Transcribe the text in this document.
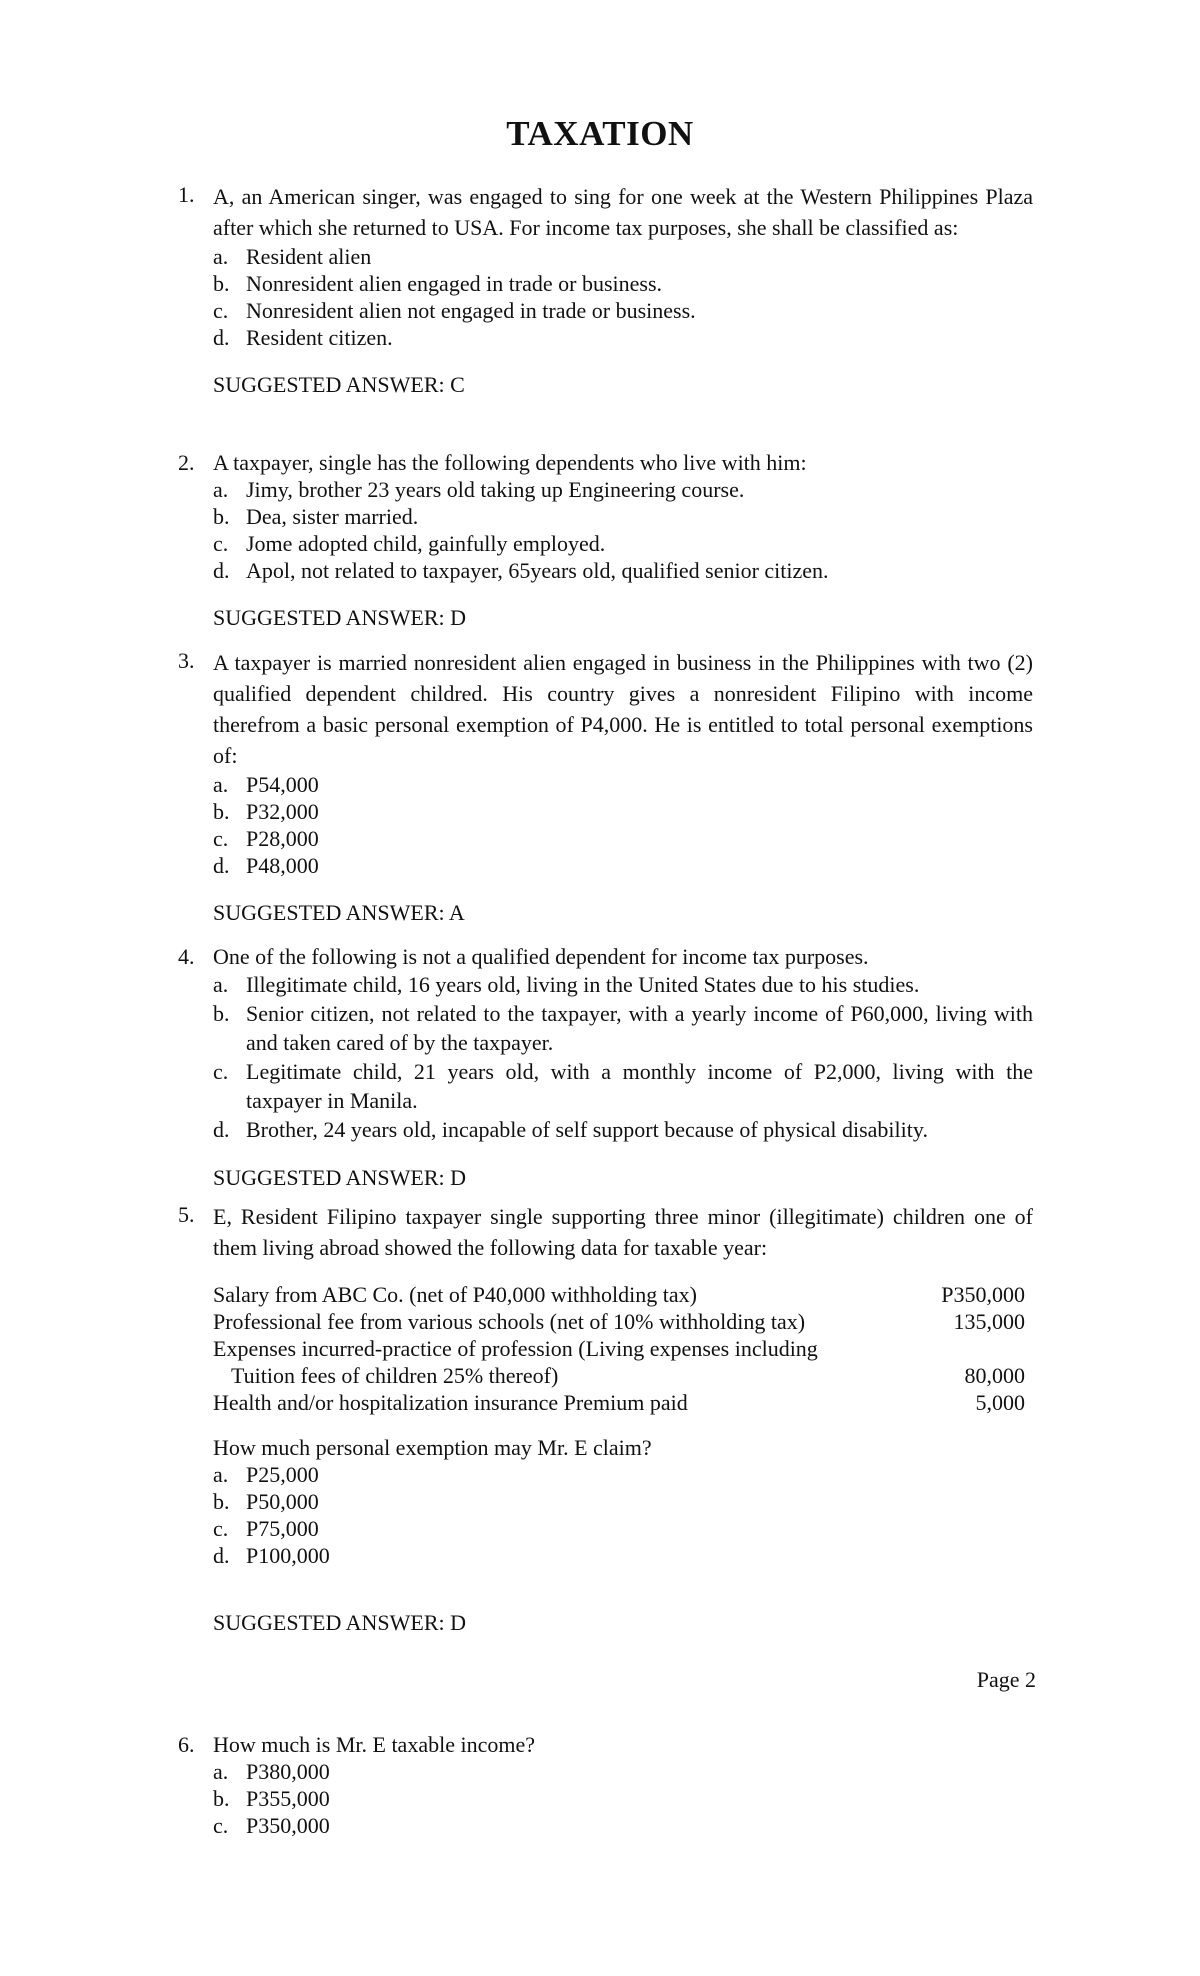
TAXATION
1. A, an American singer, was engaged to sing for one week at the Western Philippines Plaza after which she returned to USA. For income tax purposes, she shall be classified as:
a. Resident alien
b. Nonresident alien engaged in trade or business.
c. Nonresident alien not engaged in trade or business.
d. Resident citizen.
SUGGESTED ANSWER: C
2. A taxpayer, single has the following dependents who live with him:
a. Jimy, brother 23 years old taking up Engineering course.
b. Dea, sister married.
c. Jome adopted child, gainfully employed.
d. Apol, not related to taxpayer, 65years old, qualified senior citizen.
SUGGESTED ANSWER: D
3. A taxpayer is married nonresident alien engaged in business in the Philippines with two (2) qualified dependent childred. His country gives a nonresident Filipino with income therefrom a basic personal exemption of P4,000. He is entitled to total personal exemptions of:
a. P54,000
b. P32,000
c. P28,000
d. P48,000
SUGGESTED ANSWER: A
4. One of the following is not a qualified dependent for income tax purposes.
a. Illegitimate child, 16 years old, living in the United States due to his studies.
b. Senior citizen, not related to the taxpayer, with a yearly income of P60,000, living with and taken cared of by the taxpayer.
c. Legitimate child, 21 years old, with a monthly income of P2,000, living with the taxpayer in Manila.
d. Brother, 24 years old, incapable of self support because of physical disability.
SUGGESTED ANSWER: D
5. E, Resident Filipino taxpayer single supporting three minor (illegitimate) children one of them living abroad showed the following data for taxable year:
Salary from ABC Co. (net of P40,000 withholding tax)	P350,000
Professional fee from various schools (net of 10% withholding tax)	135,000
Expenses incurred-practice of profession (Living expenses including
Tuition fees of children 25% thereof)	80,000
Health and/or hospitalization insurance Premium paid	5,000
How much personal exemption may Mr. E claim?
a. P25,000
b. P50,000
c. P75,000
d. P100,000
SUGGESTED ANSWER: D
Page 2
6. How much is Mr. E taxable income?
a. P380,000
b. P355,000
c. P350,000
